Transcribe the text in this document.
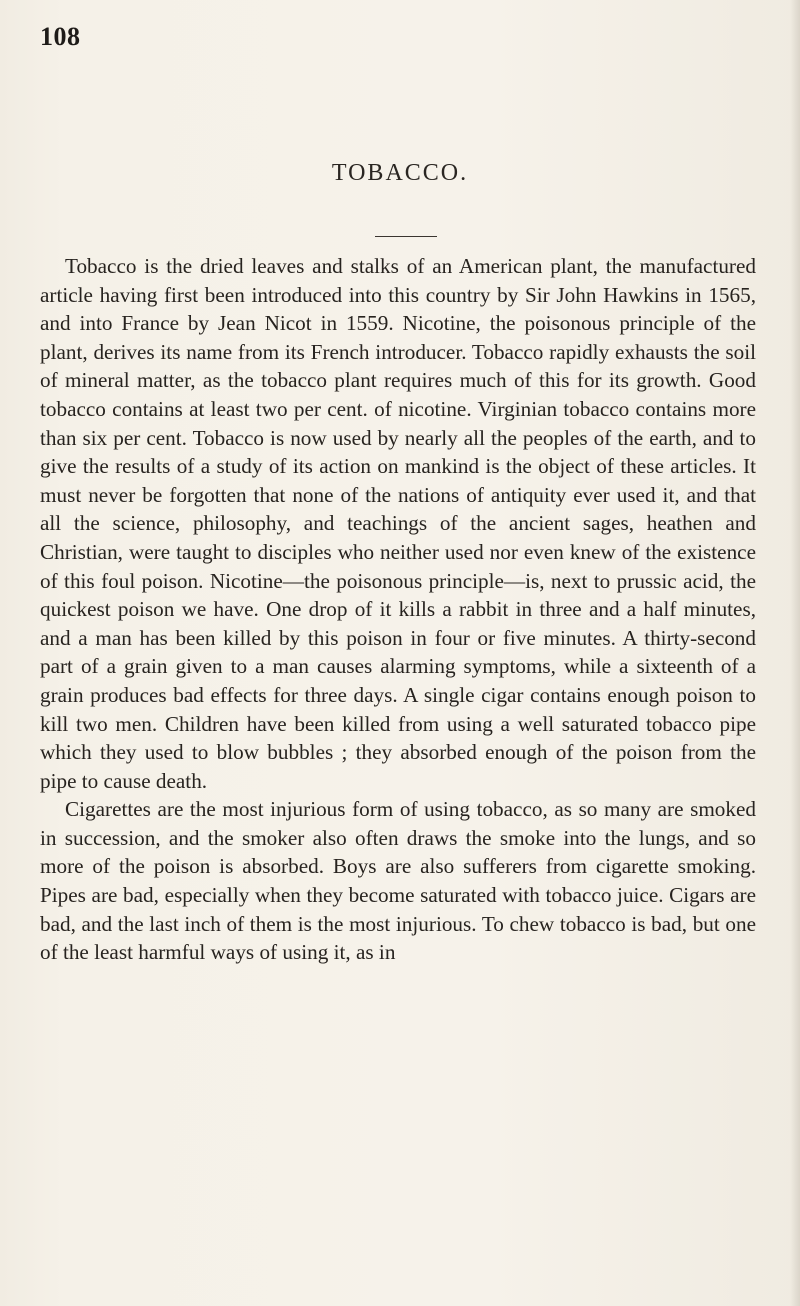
108
TOBACCO.

Tobacco is the dried leaves and stalks of an American plant, the manufactured article having first been introduced into this country by Sir John Hawkins in 1565, and into France by Jean Nicot in 1559. Nicotine, the poisonous principle of the plant, derives its name from its French introducer. Tobacco rapidly exhausts the soil of mineral matter, as the tobacco plant requires much of this for its growth. Good tobacco contains at least two per cent. of nicotine. Virginian tobacco contains more than six per cent. Tobacco is now used by nearly all the peoples of the earth, and to give the results of a study of its action on mankind is the object of these articles. It must never be forgotten that none of the nations of antiquity ever used it, and that all the science, philosophy, and teachings of the ancient sages, heathen and Christian, were taught to disciples who neither used nor even knew of the existence of this foul poison. Nicotine—the poisonous principle—is, next to prussic acid, the quickest poison we have. One drop of it kills a rabbit in three and a half minutes, and a man has been killed by this poison in four or five minutes. A thirty-second part of a grain given to a man causes alarming symptoms, while a sixteenth of a grain produces bad effects for three days. A single cigar contains enough poison to kill two men. Children have been killed from using a well saturated tobacco pipe which they used to blow bubbles ; they absorbed enough of the poison from the pipe to cause death.

Cigarettes are the most injurious form of using tobacco, as so many are smoked in succession, and the smoker also often draws the smoke into the lungs, and so more of the poison is absorbed. Boys are also sufferers from cigarette smoking. Pipes are bad, especially when they become saturated with tobacco juice. Cigars are bad, and the last inch of them is the most injurious. To chew tobacco is bad, but one of the least harmful ways of using it, as in
